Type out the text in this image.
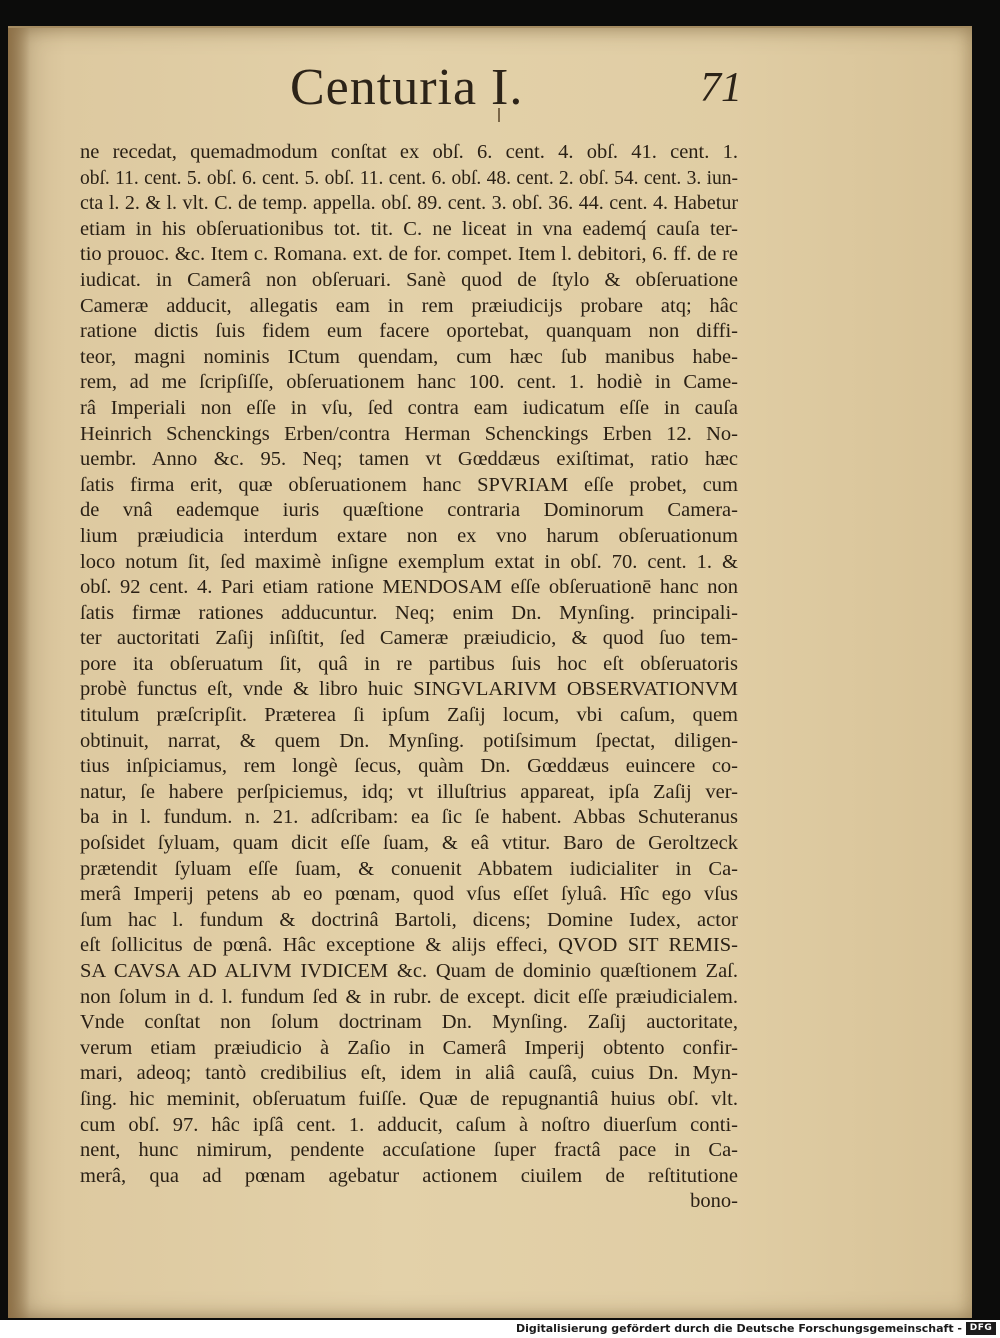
Centuria I.	71
ne recedat, quemadmodum conſtat ex obſ. 6. cent. 4. obſ. 41. cent. 1.
obſ. 11. cent. 5. obſ. 6. cent. 5. obſ. 11. cent. 6. obſ. 48. cent. 2. obſ. 54. cent. 3. iun-
cta l. 2. & l. vlt. C. de temp. appella. obſ. 89. cent. 3. obſ. 36. 44. cent. 4. Habetur
etiam in his obſeruationibus tot. tit. C. ne liceat in vna eademq́ cauſa ter-
tio prouoc. &c. Item c. Romana. ext. de for. compet. Item l. debitori, 6. ff. de re
iudicat. in Camerâ non obſeruari. Sanè quod de ſtylo & obſeruatione
Cameræ adducit, allegatis eam in rem præiudicijs probare atq; hâc
ratione dictis ſuis fidem eum facere oportebat, quanquam non diffi-
teor, magni nominis ICtum quendam, cum hæc ſub manibus habe-
rem, ad me ſcripſiſſe, obſeruationem hanc 100. cent. 1. hodiè in Came-
râ Imperiali non eſſe in vſu, ſed contra eam iudicatum eſſe in cauſa
Heinrich Schenckings Erben/contra Herman Schenckings Erben 12. No-
uembr. Anno &c. 95. Neq; tamen vt Gœddæus exiſtimat, ratio hæc
ſatis firma erit, quæ obſeruationem hanc SPVRIAM eſſe probet, cum
de vnâ eademque iuris quæſtione contraria Dominorum Camera-
lium præiudicia interdum extare non ex vno harum obſeruationum
loco notum ſit, ſed maximè inſigne exemplum extat in obſ. 70. cent. 1. &
obſ. 92 cent. 4. Pari etiam ratione MENDOSAM eſſe obſeruationē hanc non
ſatis firmæ rationes adducuntur. Neq; enim Dn. Mynſing. principali-
ter auctoritati Zaſij inſiſtit, ſed Cameræ præiudicio, & quod ſuo tem-
pore ita obſeruatum ſit, quâ in re partibus ſuis hoc eſt obſeruatoris
probè functus eſt, vnde & libro huic SINGVLARIVM OBSERVATIONVM
titulum præſcripſit. Præterea ſi ipſum Zaſij locum, vbi caſum, quem
obtinuit, narrat, & quem Dn. Mynſing. potiſsimum ſpectat, diligen-
tius inſpiciamus, rem longè ſecus, quàm Dn. Gœddæus euincere co-
natur, ſe habere perſpiciemus, idq; vt illuſtrius appareat, ipſa Zaſij ver-
ba in l. fundum. n. 21. adſcribam: ea ſic ſe habent. Abbas Schuteranus
poſsidet ſyluam, quam dicit eſſe ſuam, & eâ vtitur. Baro de Geroltzeck
prætendit ſyluam eſſe ſuam, & conuenit Abbatem iudicialiter in Ca-
merâ Imperij petens ab eo pœnam, quod vſus eſſet ſyluâ. Hîc ego vſus
ſum hac l. fundum & doctrinâ Bartoli, dicens; Domine Iudex, actor
eſt ſollicitus de pœnâ. Hâc exceptione & alijs effeci, QVOD SIT REMIS-
SA CAVSA AD ALIVM IVDICEM &c. Quam de dominio quæſtionem Zaſ.
non ſolum in d. l. fundum ſed & in rubr. de except. dicit eſſe præiudicialem.
Vnde conſtat non ſolum doctrinam Dn. Mynſing. Zaſij auctoritate,
verum etiam præiudicio à Zaſio in Camerâ Imperij obtento confir-
mari, adeoq; tantò credibilius eſt, idem in aliâ cauſâ, cuius Dn. Myn-
ſing. hic meminit, obſeruatum fuiſſe. Quæ de repugnantiâ huius obſ. vlt.
cum obſ. 97. hâc ipſâ cent. 1. adducit, caſum à noſtro diuerſum conti-
nent, hunc nimirum, pendente accuſatione ſuper fractâ pace in Ca-
merâ, qua ad pœnam agebatur actionem ciuilem de reſtitutione
bono-
Digitalisierung gefördert durch die Deutsche Forschungsgemeinschaft - DFG
